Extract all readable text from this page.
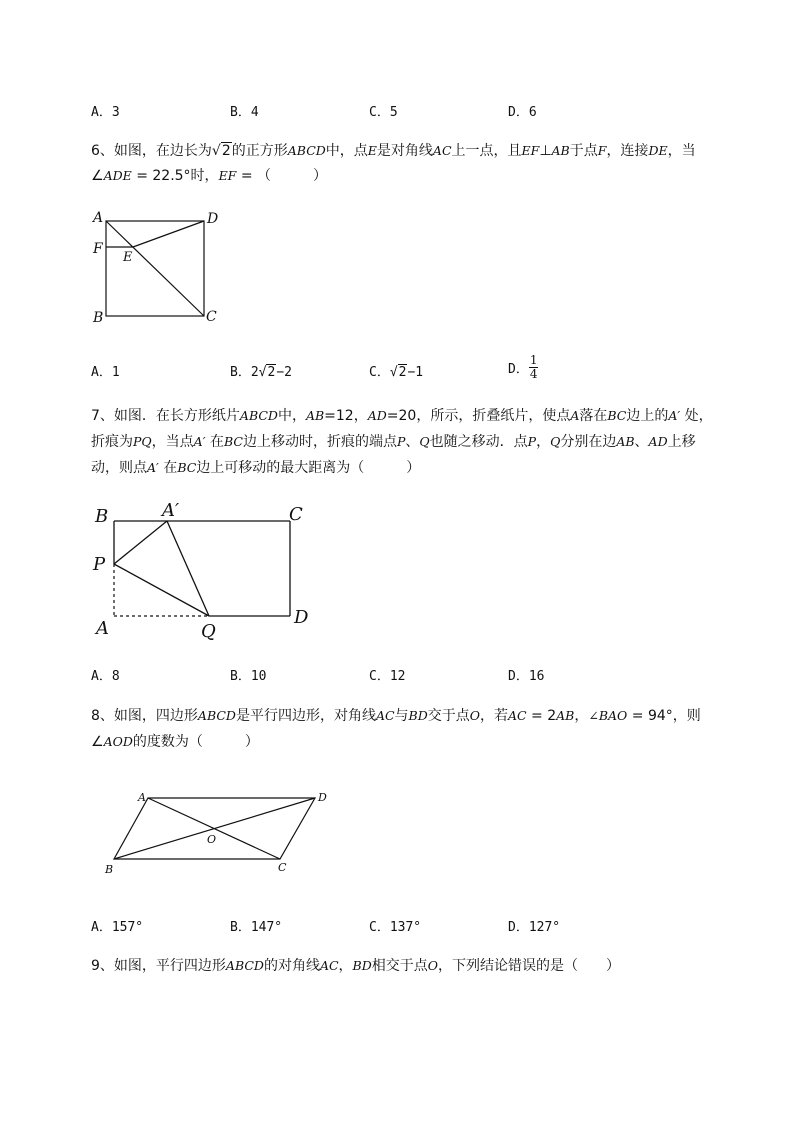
A．3	B．4	C．5	D．6
6、如图，在边长为√2的正方形ABCD中，点E是对角线AC上一点，且EF⊥AB于点F，连接DE，当
∠ADE = 22.5°时，EF = （　　　）
A	D
F
E
B	C
A．1	B．2√2−2	C．√2−1	D． $\frac{1}{4}$
7、如图．在长方形纸片ABCD中，AB=12，AD=20，所示，折叠纸片，使点A落在BC边上的A′ 处，
折痕为PQ，当点A′ 在BC边上移动时，折痕的端点P、Q也随之移动．点P，Q分别在边AB、AD上移
动，则点A′ 在BC边上可移动的最大距离为（　　　）
B	A′	C
P
A	Q
D
A．8	B．10	C．12	D．16
8、如图，四边形ABCD是平行四边形，对角线AC与BD交于点O，若AC = 2AB，∠BAO = 94°，则
∠AOD的度数为（　　　）
A	D
O
B	C
A．157°	B．147°	C．137°	D．127°
9、如图，平行四边形ABCD的对角线AC，BD相交于点O，下列结论错误的是（　　）
